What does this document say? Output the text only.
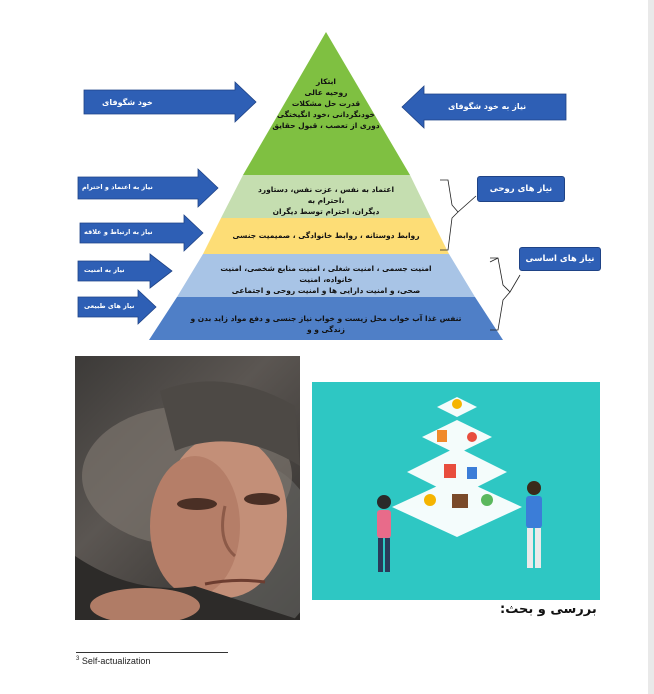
خود شگوفای
نیاز به اعتماد و احترام
نیاز به ارتباط و علاقه
نیاز به امنیت
نیاز های طبیعی
نیاز به خود شگوفای
نیاز های روحی
نیاز های اساسی
ابتکار
روحیه عالی
قدرت حل مشکلات
خودنگردانی ،خود انگیختگی
دوری از تعصب ، قبول حقایق
اعتماد به نفس ، عزت نفس، دستاورد ،احترام به
دیگران، احترام توسط دیگران
روابط دوستانه ، روابط خانوادگی ، صمیمیت جنسی
امنیت جسمی ، امنیت شغلی ، امنیت منابع شخصی، امنیت خانواده، امنیت
صحی، و امنیت دارایی ها و امنیت روحی و اجتماعی
تنفس غذا آب خواب محل زیست و خواب نیاز جنسی و دفع مواد زاید بدن و زندگی و و
بررسی و بحث:
$^3$ Self-actualization
